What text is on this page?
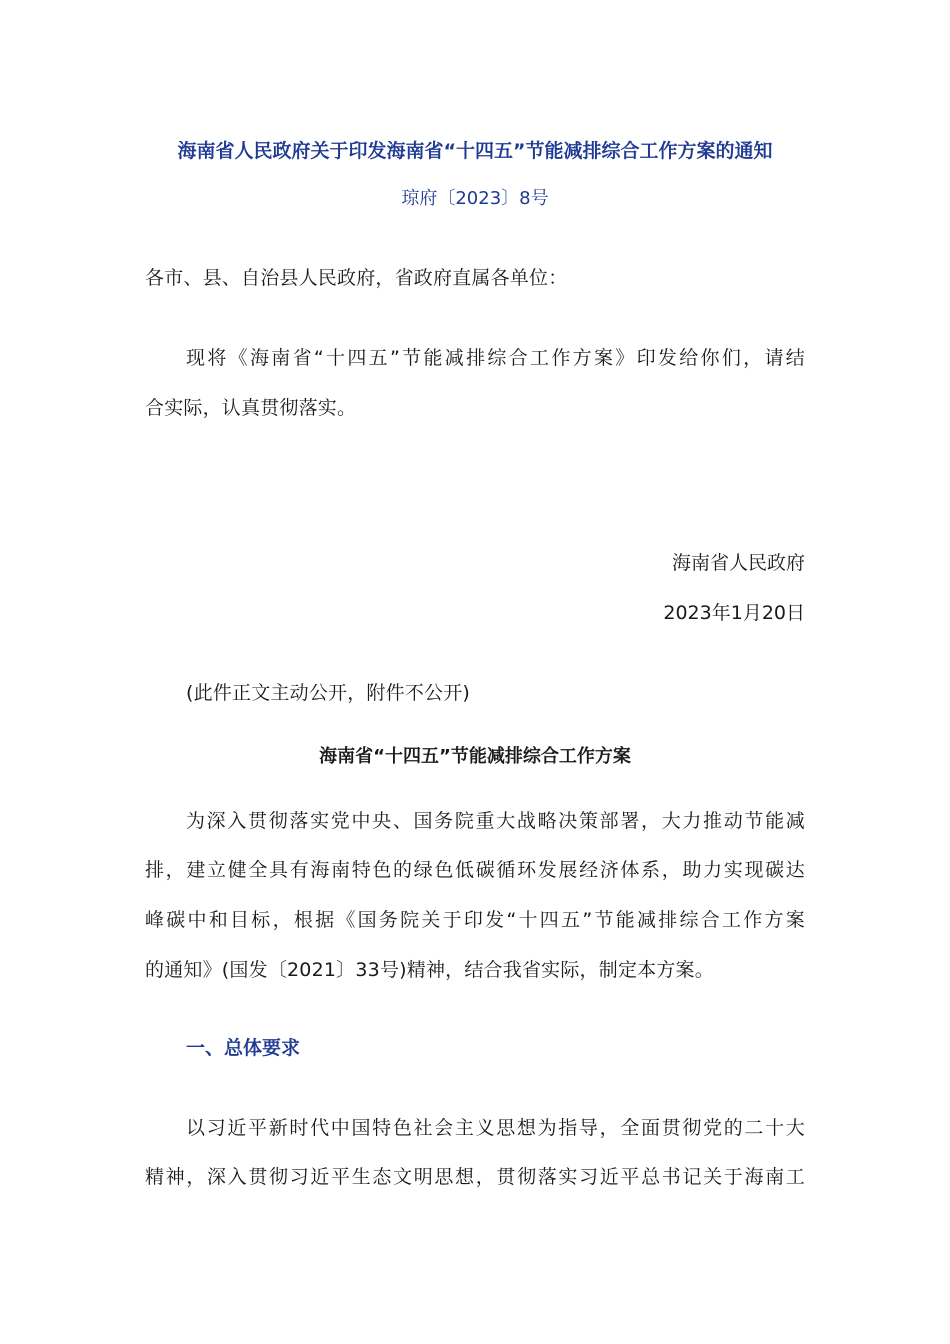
海南省人民政府关于印发海南省“十四五”节能减排综合工作方案的通知
琼府〔2023〕8号
各市、县、自治县人民政府，省政府直属各单位：
现将《海南省“十四五”节能减排综合工作方案》印发给你们，请结
合实际，认真贯彻落实。
海南省人民政府
2023年1月20日
(此件正文主动公开，附件不公开)
海南省“十四五”节能减排综合工作方案
为深入贯彻落实党中央、国务院重大战略决策部署，大力推动节能减
排，建立健全具有海南特色的绿色低碳循环发展经济体系，助力实现碳达
峰碳中和目标，根据《国务院关于印发“十四五”节能减排综合工作方案
的通知》(国发〔2021〕33号)精神，结合我省实际，制定本方案。
一、总体要求
以习近平新时代中国特色社会主义思想为指导，全面贯彻党的二十大
精神，深入贯彻习近平生态文明思想，贯彻落实习近平总书记关于海南工
